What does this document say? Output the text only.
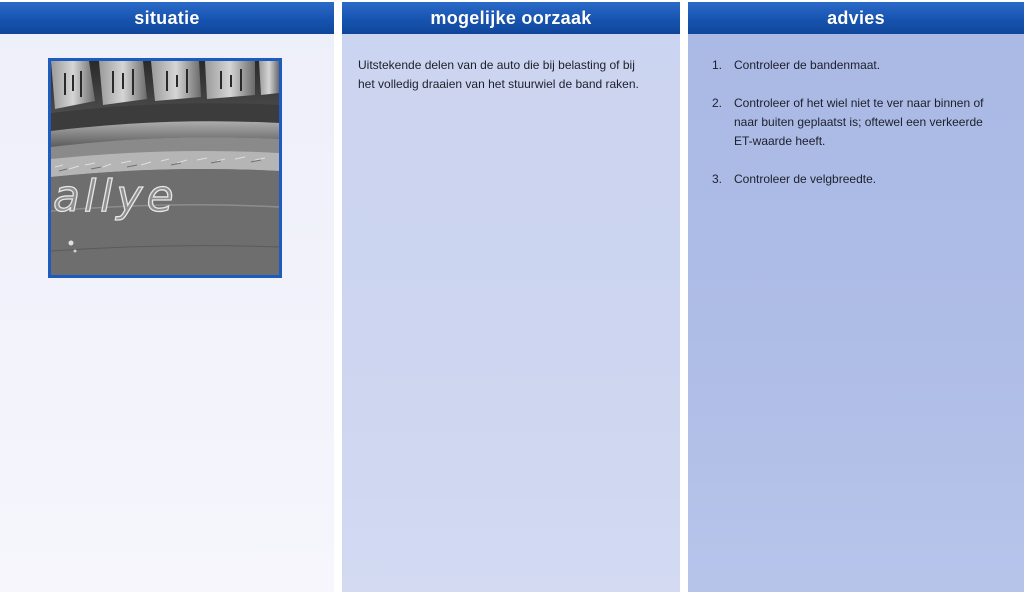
situatie
allye
mogelijke oorzaak
Uitstekende delen van de auto die bij belasting of bij het volledig draaien van het stuurwiel de band raken.
advies
1. Controleer de bandenmaat.
2. Controleer of het wiel niet te ver naar binnen of naar buiten geplaatst is; oftewel een verkeerde ET-waarde heeft.
3. Controleer de velgbreedte.
